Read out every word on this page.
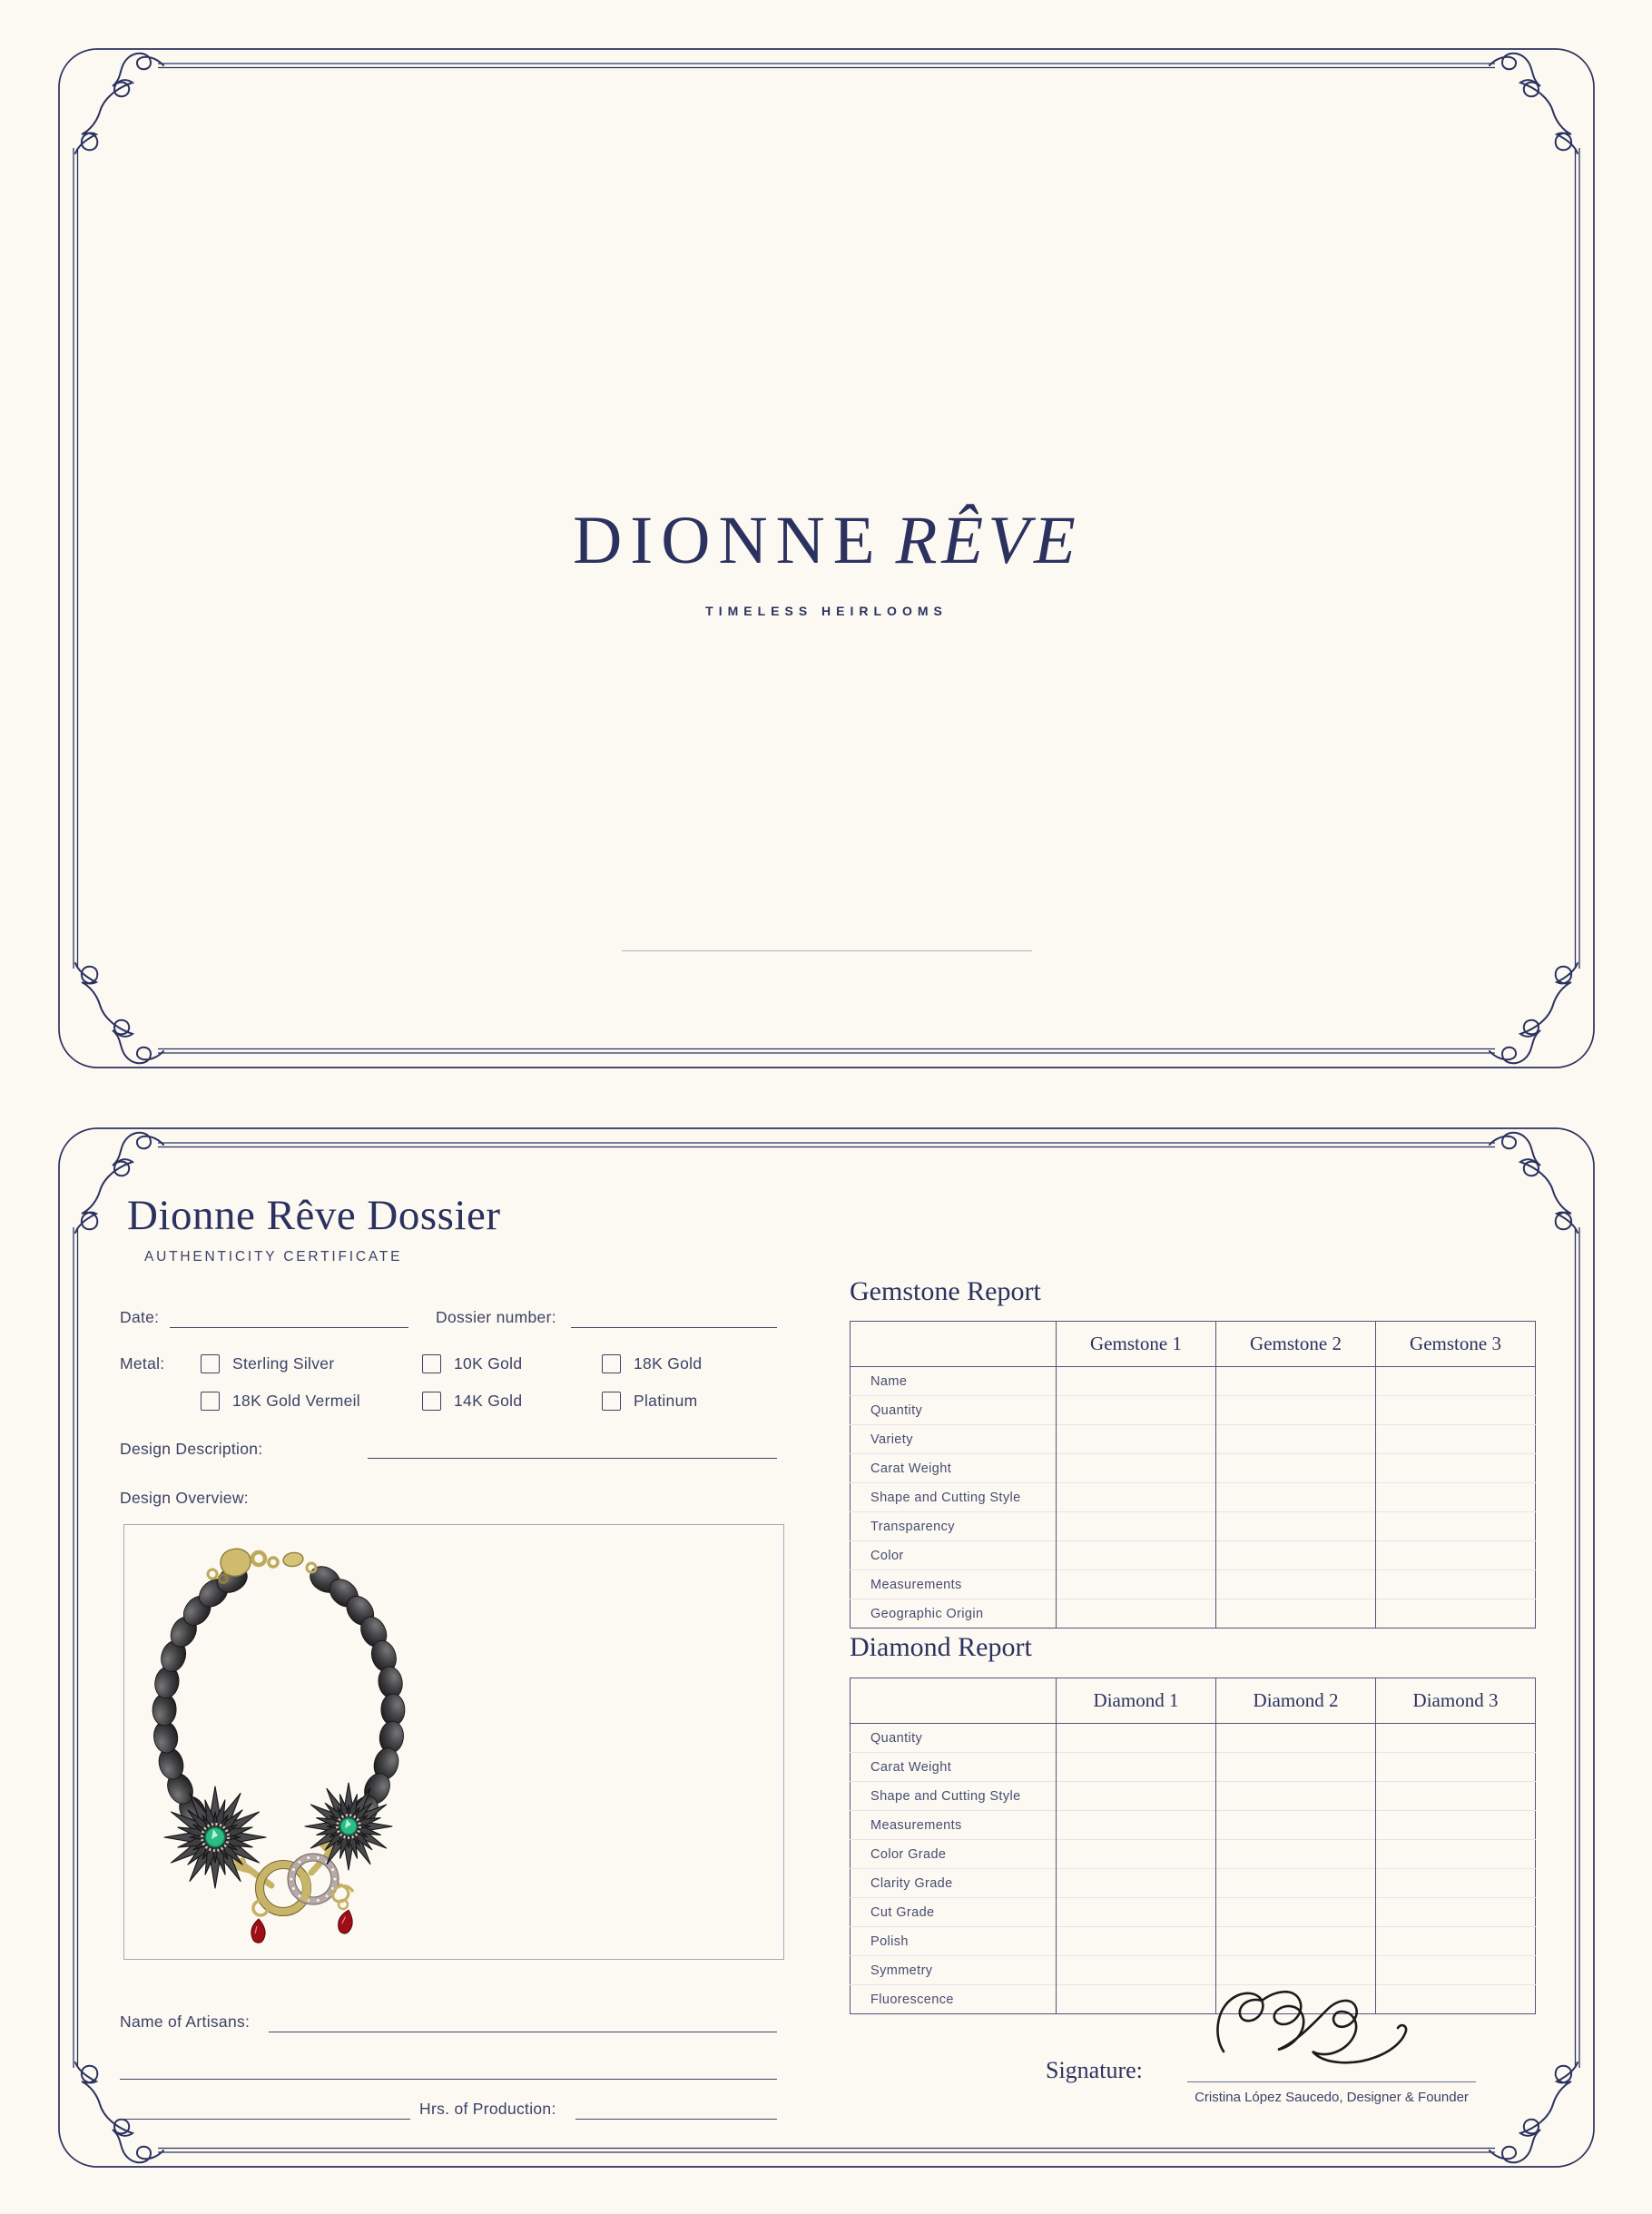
DIONNE RÊVE
TIMELESS HEIRLOOMS
Dionne Rêve Dossier
AUTHENTICITY CERTIFICATE
Date:	Dossier number:
Metal:	Sterling Silver	10K Gold	18K Gold
18K Gold Vermeil	14K Gold	Platinum
Design Description:
Design Overview:
Name of Artisans:
Hrs. of Production:
Gemstone Report
	Gemstone 1	Gemstone 2	Gemstone 3
Name			
Quantity			
Variety			
Carat Weight			
Shape and Cutting Style			
Transparency			
Color			
Measurements			
Geographic Origin			
Diamond Report
	Diamond 1	Diamond 2	Diamond 3
Quantity			
Carat Weight			
Shape and Cutting Style			
Measurements			
Color Grade			
Clarity Grade			
Cut Grade			
Polish			
Symmetry			
Fluorescence			
Signature:
Cristina López Saucedo, Designer & Founder
